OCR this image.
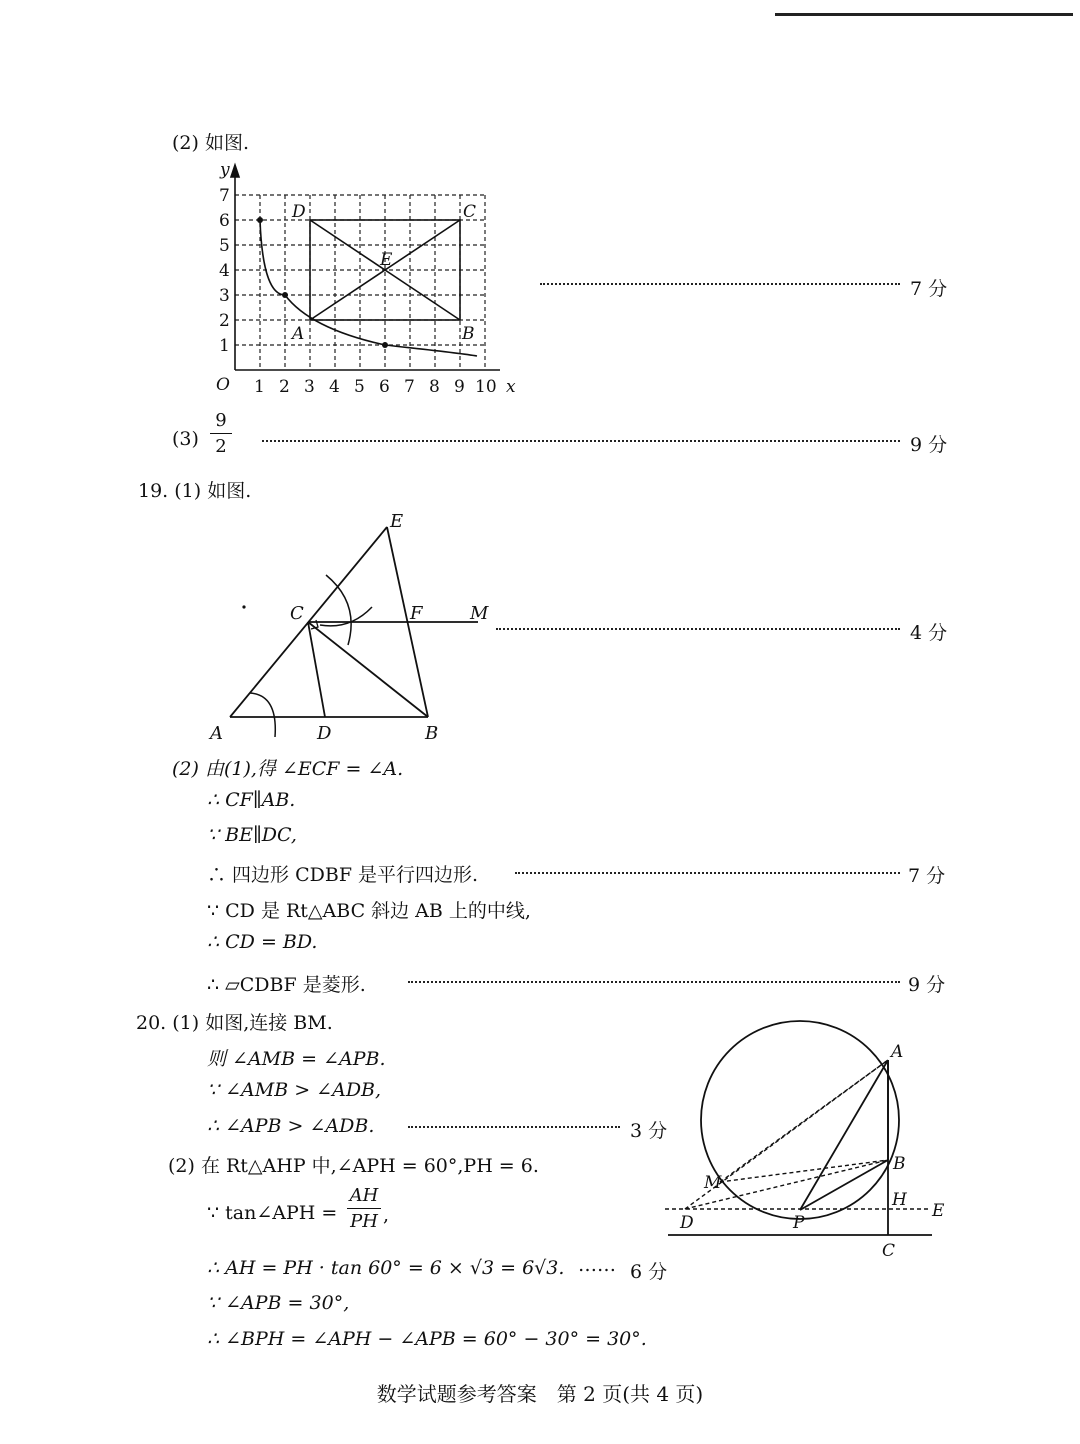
(2) 如图.
y
x
O 1 2 3 4 5 6 7 8 9 10
1
2
3
4
5
6
7
D	C
A	B
E
7 分
(3)
9
2	9 分
19. (1) 如图.
E
C	F	M
A	D	B
4 分
(2) 由(1),得 ∠ECF = ∠A.
∴ CF∥AB.
∵ BE∥DC,
∴ 四边形 CDBF 是平行四边形.	7 分
∵ CD 是 Rt△ABC 斜边 AB 上的中线,
∴ CD = BD.
∴ ▱CDBF 是菱形.	9 分
20. (1) 如图,连接 BM.
则 ∠AMB = ∠APB.
∵ ∠AMB > ∠ADB,
∴ ∠APB > ∠ADB.	3 分
(2) 在 Rt△AHP 中,∠APH = 60°,PH = 6.
∵ tan∠APH =
AH
PH ,
∴ AH = PH · tan 60° = 6 × √3 = 6√3. …… 6 分
∵ ∠APB = 30°,
∴ ∠BPH = ∠APH − ∠APB = 60° − 30° = 30°.
A
B
M
H
D	P
E
C
数学试题参考答案　第 2 页(共 4 页)
